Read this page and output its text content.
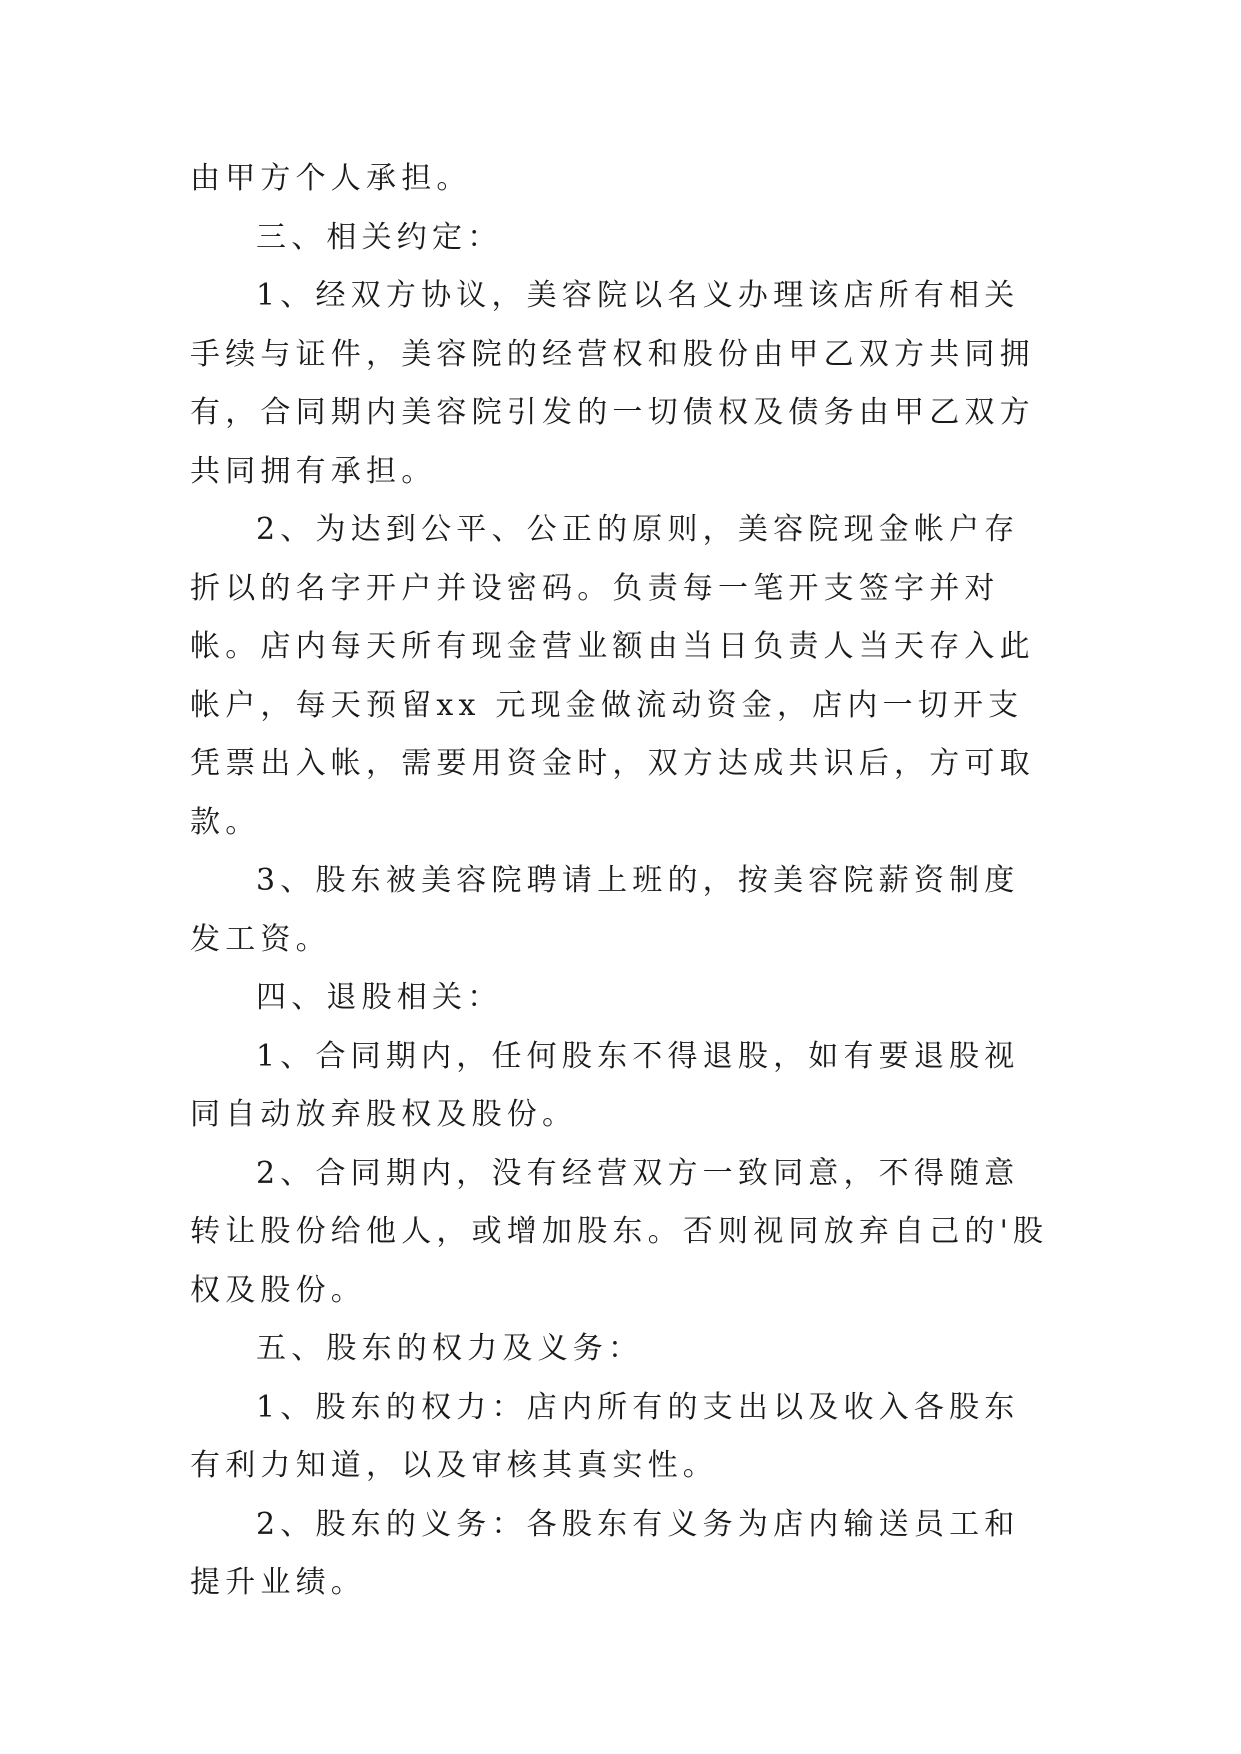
由甲方个人承担。

三、相关约定：

1、经双方协议，美容院以名义办理该店所有相关手续与证件，美容院的经营权和股份由甲乙双方共同拥有，合同期内美容院引发的一切债权及债务由甲乙双方共同拥有承担。

2、为达到公平、公正的原则，美容院现金帐户存折以的名字开户并设密码。负责每一笔开支签字并对帐。店内每天所有现金营业额由当日负责人当天存入此帐户，每天预留xx 元现金做流动资金，店内一切开支凭票出入帐，需要用资金时，双方达成共识后，方可取款。

3、股东被美容院聘请上班的，按美容院薪资制度发工资。

四、退股相关：

1、合同期内，任何股东不得退股，如有要退股视同自动放弃股权及股份。

2、合同期内，没有经营双方一致同意，不得随意转让股份给他人，或增加股东。否则视同放弃自己的'股权及股份。

五、股东的权力及义务：

1、股东的权力：店内所有的支出以及收入各股东有利力知道，以及审核其真实性。

2、股东的义务：各股东有义务为店内输送员工和提升业绩。
